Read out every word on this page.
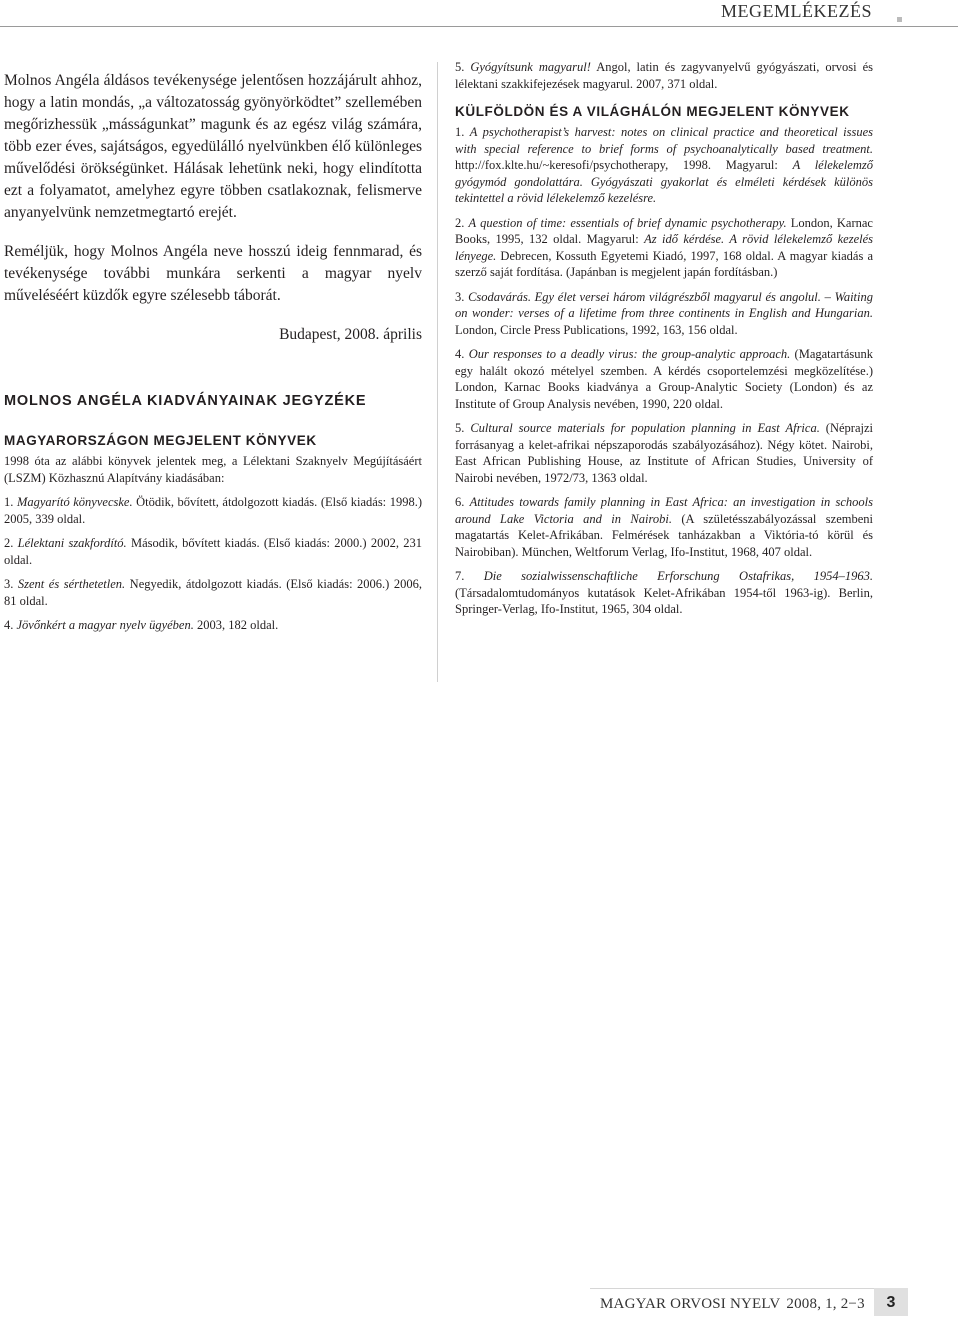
MEGEMLÉKEZÉS

Molnos Angéla áldásos tevékenysége jelentősen hozzájárult ahhoz, hogy a latin mondás, „a változatosság gyönyörködtet” szellemében megőrizhessük „másságunkat” magunk és az egész világ számára, több ezer éves, sajátságos, egyedülálló nyelvünkben élő különleges művelődési örökségünket. Hálásak lehetünk neki, hogy elindította ezt a folyamatot, amelyhez egyre többen csatlakoznak, felismerve anyanyelvünk nemzetmegtartó erejét.

Reméljük, hogy Molnos Angéla neve hosszú ideig fennmarad, és tevékenysége további munkára serkenti a magyar nyelv műveléséért küzdők egyre szélesebb táborát.

Budapest, 2008. április

MOLNOS ANGÉLA KIADVÁNYAINAK JEGYZÉKE
MAGYARORSZÁGON MEGJELENT KÖNYVEK

1998 óta az alábbi könyvek jelentek meg, a Lélektani Szaknyelv Megújításáért (LSZM) Közhasznú Alapítvány kiadásában:

1. Magyarító könyvecske. Ötödik, bővített, átdolgozott kiadás. (Első kiadás: 1998.) 2005, 339 oldal.

2. Lélektani szakfordító. Második, bővített kiadás. (Első kiadás: 2000.) 2002, 231 oldal.

3. Szent és sérthetetlen. Negyedik, átdolgozott kiadás. (Első kiadás: 2006.) 2006, 81 oldal.

4. Jövőnkért a magyar nyelv ügyében. 2003, 182 oldal.

5. Gyógyítsunk magyarul! Angol, latin és zagyvanyelvű gyógyászati, orvosi és lélektani szakkifejezések magyarul. 2007, 371 oldal.

KÜLFÖLDÖN ÉS A VILÁGHÁLÓN MEGJELENT KÖNYVEK

1. A psychotherapist’s harvest: notes on clinical practice and theoretical issues with special reference to brief forms of psychoanalytically based treatment. http://fox.klte.hu/~keresofi/psychotherapy, 1998. Magyarul: A lélekelemző gyógymód gondolattára. Gyógyászati gyakorlat és elméleti kérdések különös tekintettel a rövid lélekelemző kezelésre.

2. A question of time: essentials of brief dynamic psychotherapy. London, Karnac Books, 1995, 132 oldal. Magyarul: Az idő kérdése. A rövid lélekelemző kezelés lényege. Debrecen, Kossuth Egyetemi Kiadó, 1997, 168 oldal. A magyar kiadás a szerző saját fordítása. (Japánban is megjelent japán fordításban.)

3. Csodavárás. Egy élet versei három világrészből magyarul és angolul. – Waiting on wonder: verses of a lifetime from three continents in English and Hungarian. London, Circle Press Publications, 1992, 163, 156 oldal.

4. Our responses to a deadly virus: the group-analytic approach. (Magatartásunk egy halált okozó mételyel szemben. A kérdés csoportelemzési megközelítése.) London, Karnac Books kiadványa a Group-Analytic Society (London) és az Institute of Group Analysis nevében, 1990, 220 oldal.

5. Cultural source materials for population planning in East Africa. (Néprajzi forrásanyag a kelet-afrikai népszaporodás szabályozásához). Négy kötet. Nairobi, East African Publishing House, az Institute of African Studies, University of Nairobi nevében, 1972/73, 1363 oldal.

6. Attitudes towards family planning in East Africa: an investigation in schools around Lake Victoria and in Nairobi. (A születésszabályozással szembeni magatartás Kelet-Afrikában. Felmérések tanházakban a Viktória-tó körül és Nairobiban). München, Weltforum Verlag, Ifo-Institut, 1968, 407 oldal.

7. Die sozialwissenschaftliche Erforschung Ostafrikas, 1954–1963. (Társadalomtudományos kutatások Kelet-Afrikában 1954-től 1963-ig). Berlin, Springer-Verlag, Ifo-Institut, 1965, 304 oldal.

MAGYAR ORVOSI NYELV 2008, 1, 2−3	3
